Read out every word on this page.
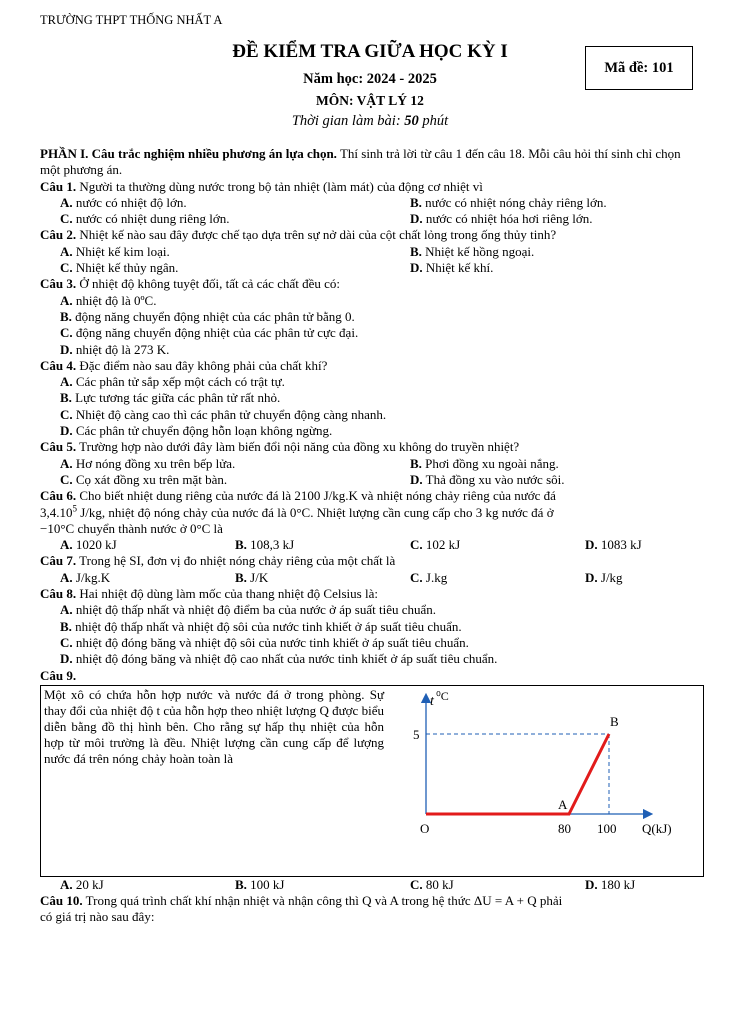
TRƯỜNG THPT THỐNG NHẤT A
ĐỀ KIỂM TRA GIỮA HỌC KỲ I
Năm học: 2024 - 2025
MÔN: VẬT LÝ 12
Thời gian làm bài: 50 phút
Mã đề: 101
PHẦN I. Câu trắc nghiệm nhiều phương án lựa chọn. Thí sinh trả lời từ câu 1 đến câu 18. Mỗi câu hỏi thí sinh chỉ chọn một phương án.
Câu 1. Người ta thường dùng nước trong bộ tản nhiệt (làm mát) của động cơ nhiệt vì
A. nước có nhiệt độ lớn.	B. nước có nhiệt nóng chảy riêng lớn.
C. nước có nhiệt dung riêng lớn.	D. nước có nhiệt hóa hơi riêng lớn.
Câu 2. Nhiệt kế nào sau đây được chế tạo dựa trên sự nở dài của cột chất lỏng trong ống thủy tinh?
A. Nhiệt kế kim loại.	B. Nhiệt kế hồng ngoại.
C. Nhiệt kế thủy ngân.	D. Nhiệt kế khí.
Câu 3. Ở nhiệt độ không tuyệt đối, tất cả các chất đều có:
A. nhiệt độ là 0ºC.
B. động năng chuyển động nhiệt của các phân tử bằng 0.
C. động năng chuyển động nhiệt của các phân tử cực đại.
D. nhiệt độ là 273 K.
Câu 4. Đặc điểm nào sau đây không phải của chất khí?
A. Các phân tử sắp xếp một cách có trật tự.
B. Lực tương tác giữa các phân tử rất nhỏ.
C. Nhiệt độ càng cao thì các phân tử chuyển động càng nhanh.
D. Các phân tử chuyển động hỗn loạn không ngừng.
Câu 5. Trường hợp nào dưới đây làm biến đổi nội năng của đồng xu không do truyền nhiệt?
A. Hơ nóng đồng xu trên bếp lửa.	B. Phơi đồng xu ngoài nắng.
C. Cọ xát đồng xu trên mặt bàn.	D. Thả đồng xu vào nước sôi.
Câu 6. Cho biết nhiệt dung riêng của nước đá là 2100 J/kg.K và nhiệt nóng chảy riêng của nước đá
3,4.10$^5$ J/kg, nhiệt độ nóng chảy của nước đá là 0°C. Nhiệt lượng cần cung cấp cho 3 kg nước đá ở
−10°C chuyển thành nước ở 0°C là
A. 1020 kJ	B. 108,3 kJ	C. 102 kJ	D. 1083 kJ
Câu 7. Trong hệ SI, đơn vị đo nhiệt nóng chảy riêng của một chất là
A. J/kg.K	B. J/K	C. J.kg	D. J/kg
Câu 8. Hai nhiệt độ dùng làm mốc của thang nhiệt độ Celsius là:
A. nhiệt độ thấp nhất và nhiệt độ điểm ba của nước ở áp suất tiêu chuẩn.
B. nhiệt độ thấp nhất và nhiệt độ sôi của nước tinh khiết ở áp suất tiêu chuẩn.
C. nhiệt độ đóng băng và nhiệt độ sôi của nước tinh khiết ở áp suất tiêu chuẩn.
D. nhiệt độ đóng băng và nhiệt độ cao nhất của nước tinh khiết ở áp suất tiêu chuẩn.
Câu 9.
Một xô có chứa hỗn hợp nước và nước đá ở trong phòng. Sự thay đổi của nhiệt độ t của hỗn hợp theo nhiệt lượng Q được biểu diễn bằng đồ thị hình bên. Cho rằng sự hấp thụ nhiệt của hỗn hợp từ môi trường là đều. Nhiệt lượng cần cung cấp để lượng nước đá trên nóng chảy hoàn toàn là
t ⁰C
5
B
A
O	80 100 Q(kJ)
A. 20 kJ	B. 100 kJ	C. 80 kJ	D. 180 kJ
Câu 10. Trong quá trình chất khí nhận nhiệt và nhận công thì Q và A trong hệ thức ΔU = A + Q phải
có giá trị nào sau đây:
